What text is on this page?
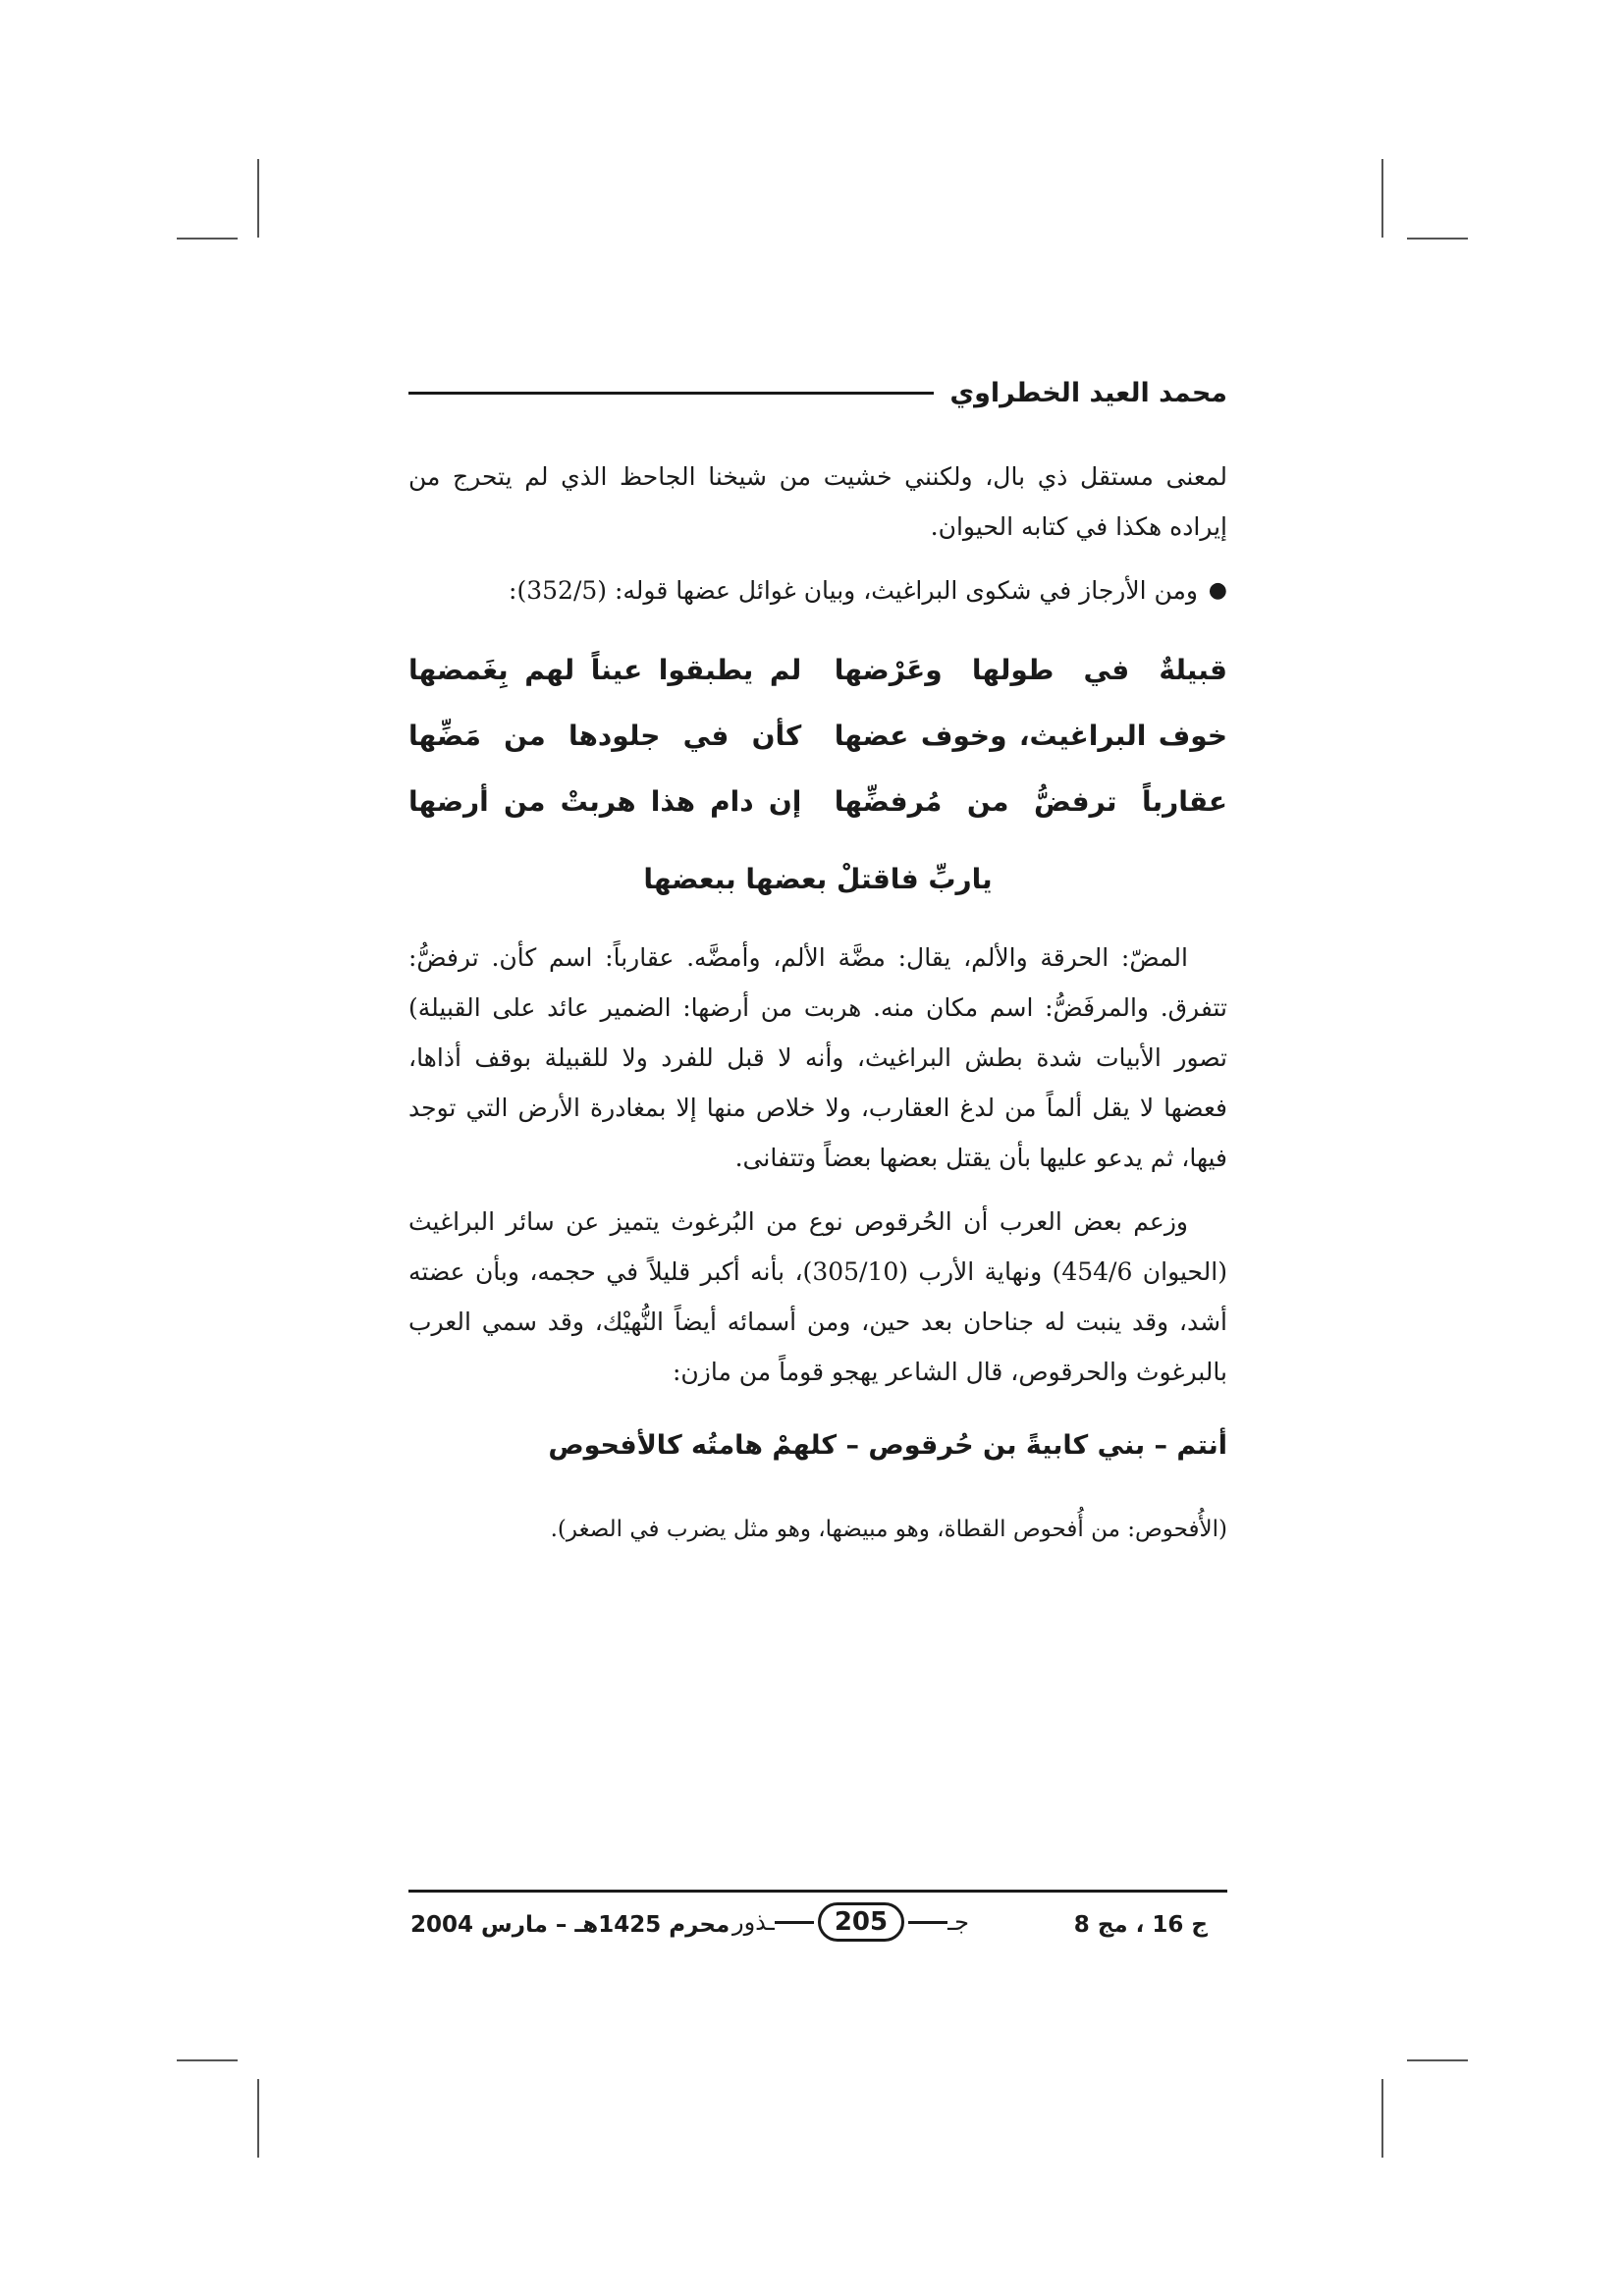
محمد العيد الخطراوي

لمعنى مستقل ذي بال، ولكنني خشيت من شيخنا الجاحظ الذي لم يتحرج من إيراده هكذا في كتابه الحيوان.

●

ومن الأرجاز في شكوى البراغيث، وبيان غوائل عضها قوله: (352/5):

قبيلةٌ في طولها وعَرْضها
لم يطبقوا عيناً لهم بِغَمضها
خوف البراغيث، وخوف عضها
كأن في جلودها من مَضِّها
عقارباً ترفضُّ من مُرفضِّها
إن دام هذا هربتْ من أرضها
ياربِّ فاقتلْ بعضها ببعضها

المضّ: الحرقة والألم، يقال: مضَّة الألم، وأمضَّه. عقارباً: اسم كأن. ترفضُّ: تتفرق. والمرفَضُّ: اسم مكان منه. هربت من أرضها: الضمير عائد على القبيلة) تصور الأبيات شدة بطش البراغيث، وأنه لا قبل للفرد ولا للقبيلة بوقف أذاها، فعضها لا يقل ألماً من لدغ العقارب، ولا خلاص منها إلا بمغادرة الأرض التي توجد فيها، ثم يدعو عليها بأن يقتل بعضها بعضاً وتتفانى.

وزعم بعض العرب أن الحُرقوص نوع من البُرغوث يتميز عن سائر البراغيث (الحيوان 454/6) ونهاية الأرب (305/10)، بأنه أكبر قليلاً في حجمه، وبأن عضته أشد، وقد ينبت له جناحان بعد حين، ومن أسمائه أيضاً النُّهيْك، وقد سمي العرب بالبرغوث والحرقوص، قال الشاعر يهجو قوماً من مازن:

أنتم – بني كابيةً بن حُرقوص – كلهمْ هامتُه كالأفحوص

(الأُفحوص: من أُفحوص القطاة، وهو مبيضها، وهو مثل يضرب في الصغر).

ج 16 ، مج 8
ـذور	205	جـ
محرم 1425هـ – مارس 2004
